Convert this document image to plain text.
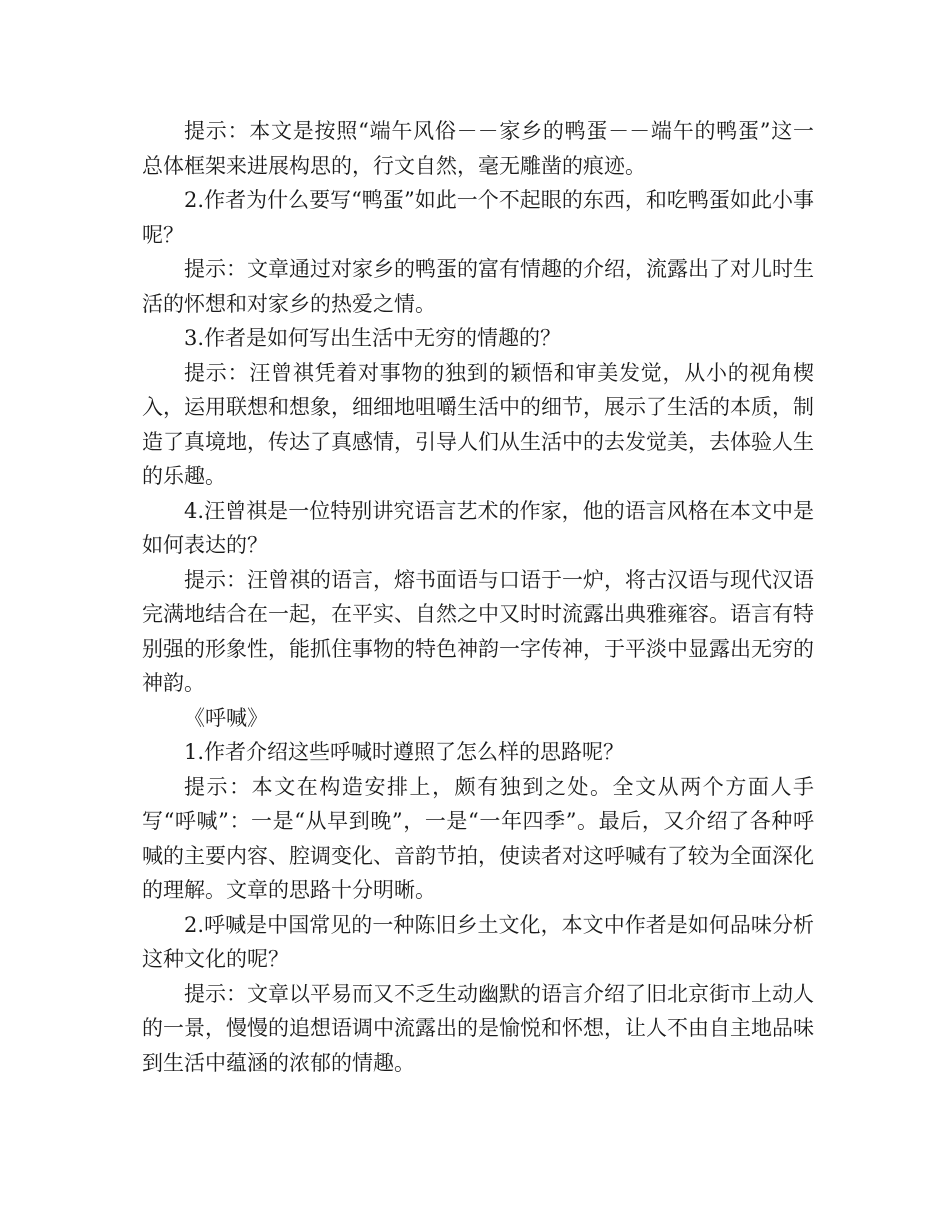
提示：本文是按照“端午风俗－－家乡的鸭蛋－－端午的鸭蛋”这一总体框架来进展构思的，行文自然，毫无雕凿的痕迹。

2.作者为什么要写“鸭蛋”如此一个不起眼的东西，和吃鸭蛋如此小事呢？

提示：文章通过对家乡的鸭蛋的富有情趣的介绍，流露出了对儿时生活的怀想和对家乡的热爱之情。

3.作者是如何写出生活中无穷的情趣的？

提示：汪曾祺凭着对事物的独到的颖悟和审美发觉，从小的视角楔入，运用联想和想象，细细地咀嚼生活中的细节，展示了生活的本质，制造了真境地，传达了真感情，引导人们从生活中的去发觉美，去体验人生的乐趣。

4.汪曾祺是一位特别讲究语言艺术的作家，他的语言风格在本文中是如何表达的？

提示：汪曾祺的语言，熔书面语与口语于一炉，将古汉语与现代汉语完满地结合在一起，在平实、自然之中又时时流露出典雅雍容。语言有特别强的形象性，能抓住事物的特色神韵一字传神，于平淡中显露出无穷的神韵。

《呼喊》

1.作者介绍这些呼喊时遵照了怎么样的思路呢？

提示：本文在构造安排上，颇有独到之处。全文从两个方面人手写“呼喊”：一是“从早到晚”，一是“一年四季”。最后，又介绍了各种呼喊的主要内容、腔调变化、音韵节拍，使读者对这呼喊有了较为全面深化的理解。文章的思路十分明晰。

2.呼喊是中国常见的一种陈旧乡土文化，本文中作者是如何品味分析这种文化的呢？

提示：文章以平易而又不乏生动幽默的语言介绍了旧北京街市上动人的一景，慢慢的追想语调中流露出的是愉悦和怀想，让人不由自主地品味到生活中蕴涵的浓郁的情趣。
